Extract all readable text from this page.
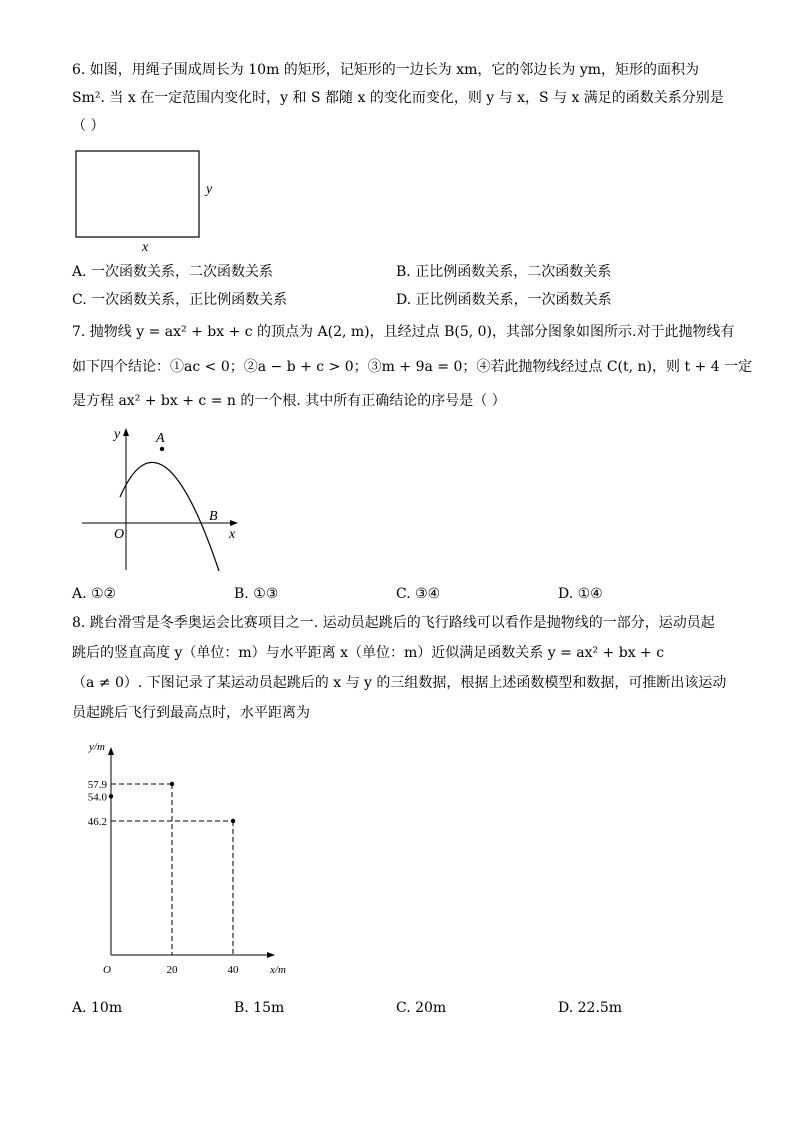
6. 如图，用绳子围成周长为 10m 的矩形，记矩形的一边长为 xm，它的邻边长为 ym，矩形的面积为
Sm². 当 x 在一定范围内变化时，y 和 S 都随 x 的变化而变化，则 y 与 x，S 与 x 满足的函数关系分别是
（ ）
y
x
A. 一次函数关系，二次函数关系	B. 正比例函数关系，二次函数关系
C. 一次函数关系，正比例函数关系	D. 正比例函数关系，一次函数关系
7. 抛物线 y = ax² + bx + c 的顶点为 A(2, m)，且经过点 B(5, 0)，其部分图象如图所示.对于此抛物线有
如下四个结论：①ac < 0；②a − b + c > 0；③m + 9a = 0；④若此抛物线经过点 C(t, n)，则 t + 4 一定
是方程 ax² + bx + c = n 的一个根. 其中所有正确结论的序号是（ ）
y
x
O
A
B
A. ①②	B. ①③	C. ③④	D. ①④
8. 跳台滑雪是冬季奥运会比赛项目之一. 运动员起跳后的飞行路线可以看作是抛物线的一部分，运动员起
跳后的竖直高度 y（单位：m）与水平距离 x（单位：m）近似满足函数关系 y = ax² + bx + c
（a ≠ 0）. 下图记录了某运动员起跳后的 x 与 y 的三组数据，根据上述函数模型和数据，可推断出该运动
员起跳后飞行到最高点时，水平距离为
y/m
x/m
O
57.9
54.0
46.2
20	40
A. 10m	B. 15m	C. 20m	D. 22.5m
